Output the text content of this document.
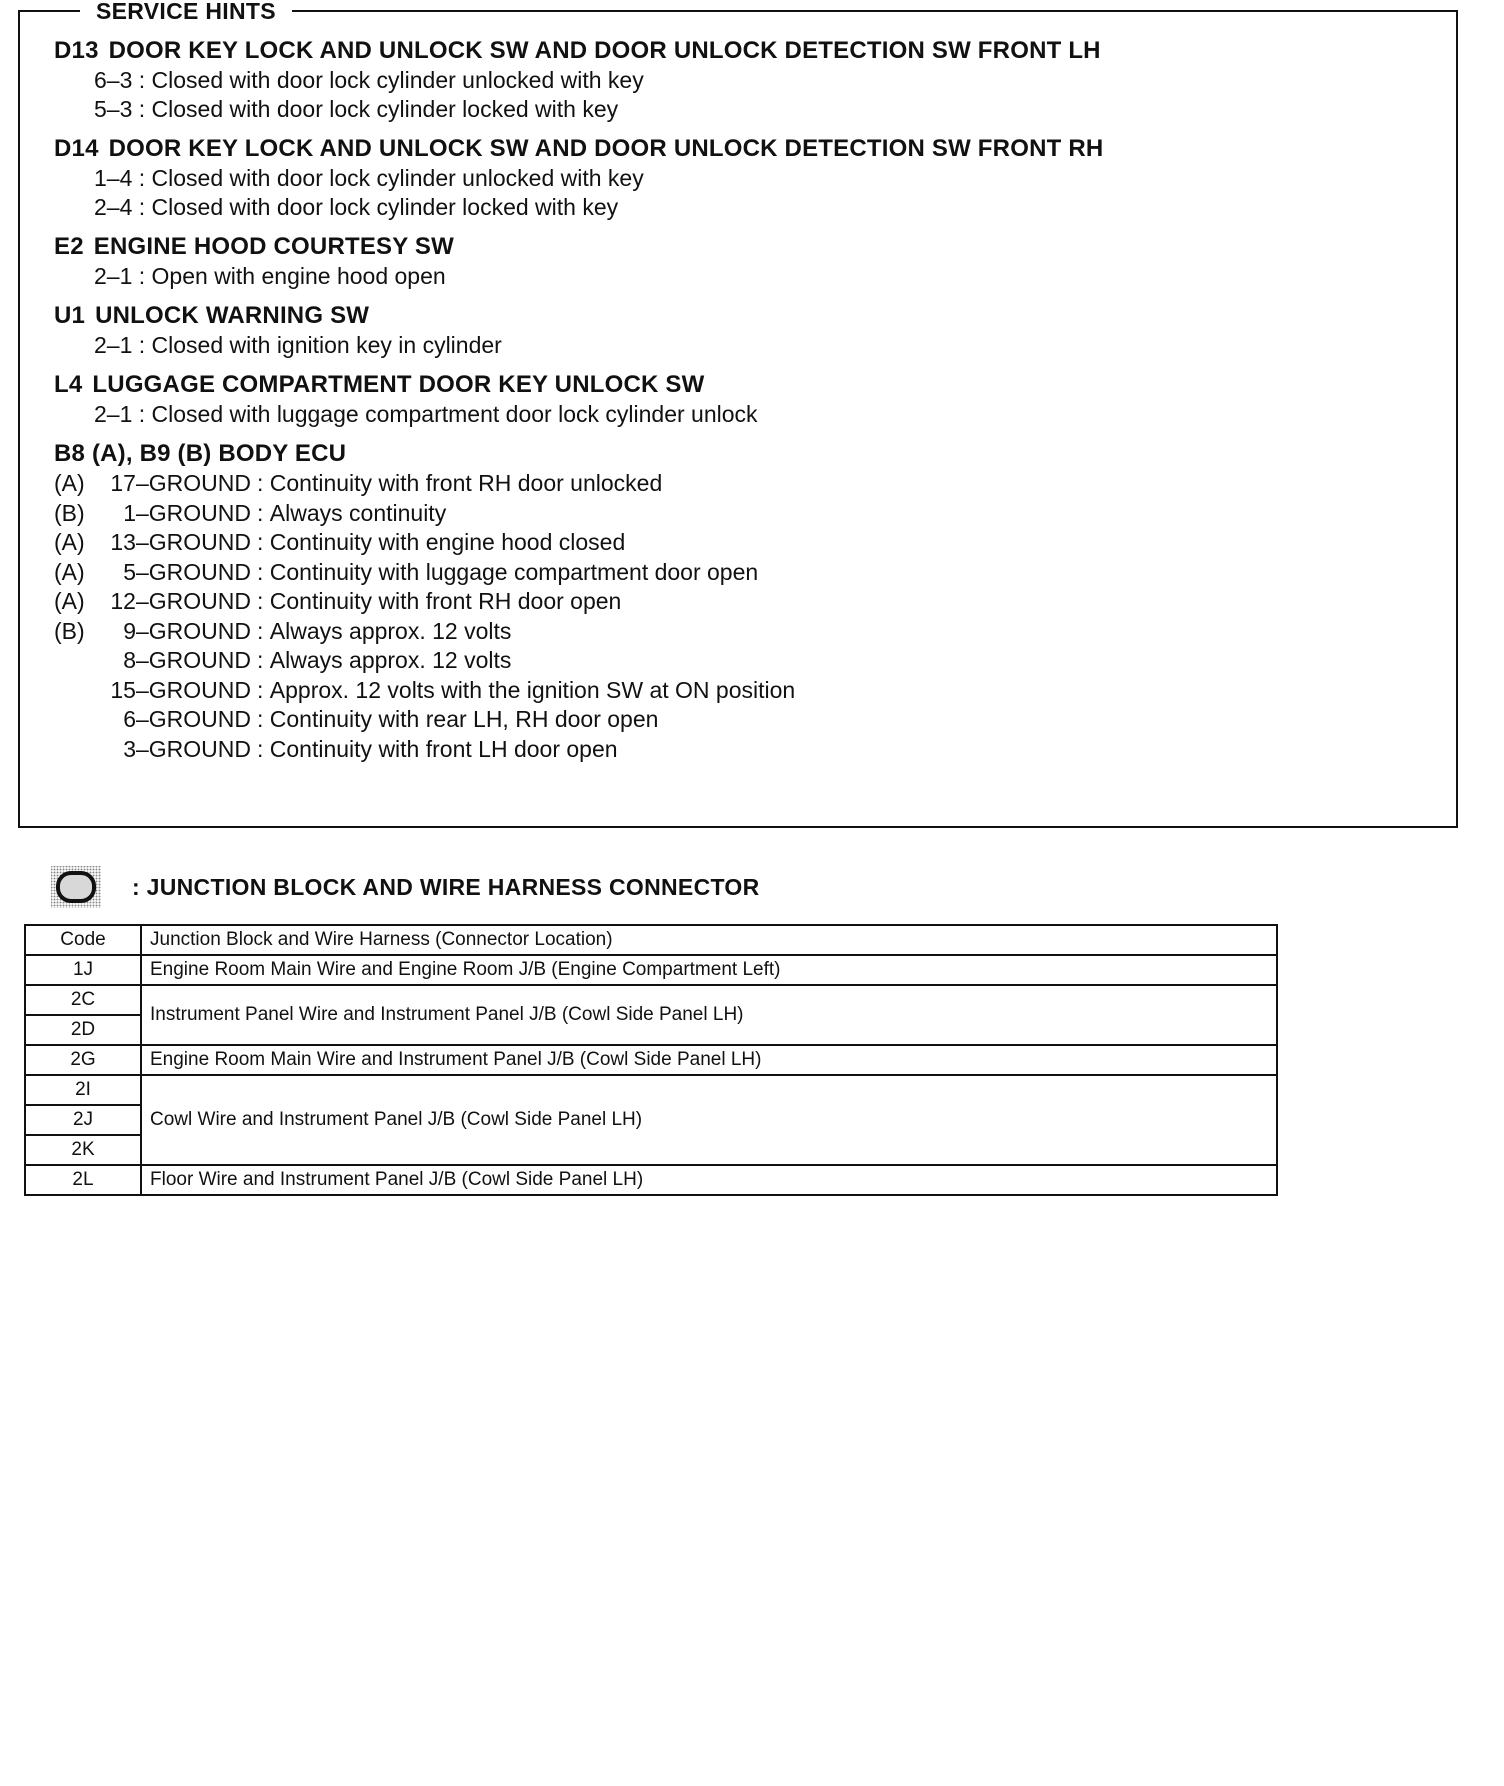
SERVICE HINTS
D13 DOOR KEY LOCK AND UNLOCK SW AND DOOR UNLOCK DETECTION SW FRONT LH
6–3 : Closed with door lock cylinder unlocked with key
5–3 : Closed with door lock cylinder locked with key
D14 DOOR KEY LOCK AND UNLOCK SW AND DOOR UNLOCK DETECTION SW FRONT RH
1–4 : Closed with door lock cylinder unlocked with key
2–4 : Closed with door lock cylinder locked with key
E2 ENGINE HOOD COURTESY SW
2–1 : Open with engine hood open
U1 UNLOCK WARNING SW
2–1 : Closed with ignition key in cylinder
L4 LUGGAGE COMPARTMENT DOOR KEY UNLOCK SW
2–1 : Closed with luggage compartment door lock cylinder unlock
B8 (A), B9 (B) BODY ECU
(A)	17–GROUND : Continuity with front RH door unlocked
(B)	1–GROUND : Always continuity
(A)	13–GROUND : Continuity with engine hood closed
(A)	5–GROUND : Continuity with luggage compartment door open
(A)	12–GROUND : Continuity with front RH door open
(B)	9–GROUND : Always approx. 12 volts
8–GROUND : Always approx. 12 volts
15–GROUND : Approx. 12 volts with the ignition SW at ON position
6–GROUND : Continuity with rear LH, RH door open
3–GROUND : Continuity with front LH door open
: JUNCTION BLOCK AND WIRE HARNESS CONNECTOR
Code	Junction Block and Wire Harness (Connector Location)
1J	Engine Room Main Wire and Engine Room J/B (Engine Compartment Left)
2C	Instrument Panel Wire and Instrument Panel J/B (Cowl Side Panel LH)
2D	
2G	Engine Room Main Wire and Instrument Panel J/B (Cowl Side Panel LH)
2I	Cowl Wire and Instrument Panel J/B (Cowl Side Panel LH)
2J	
2K	
2L	Floor Wire and Instrument Panel J/B (Cowl Side Panel LH)
